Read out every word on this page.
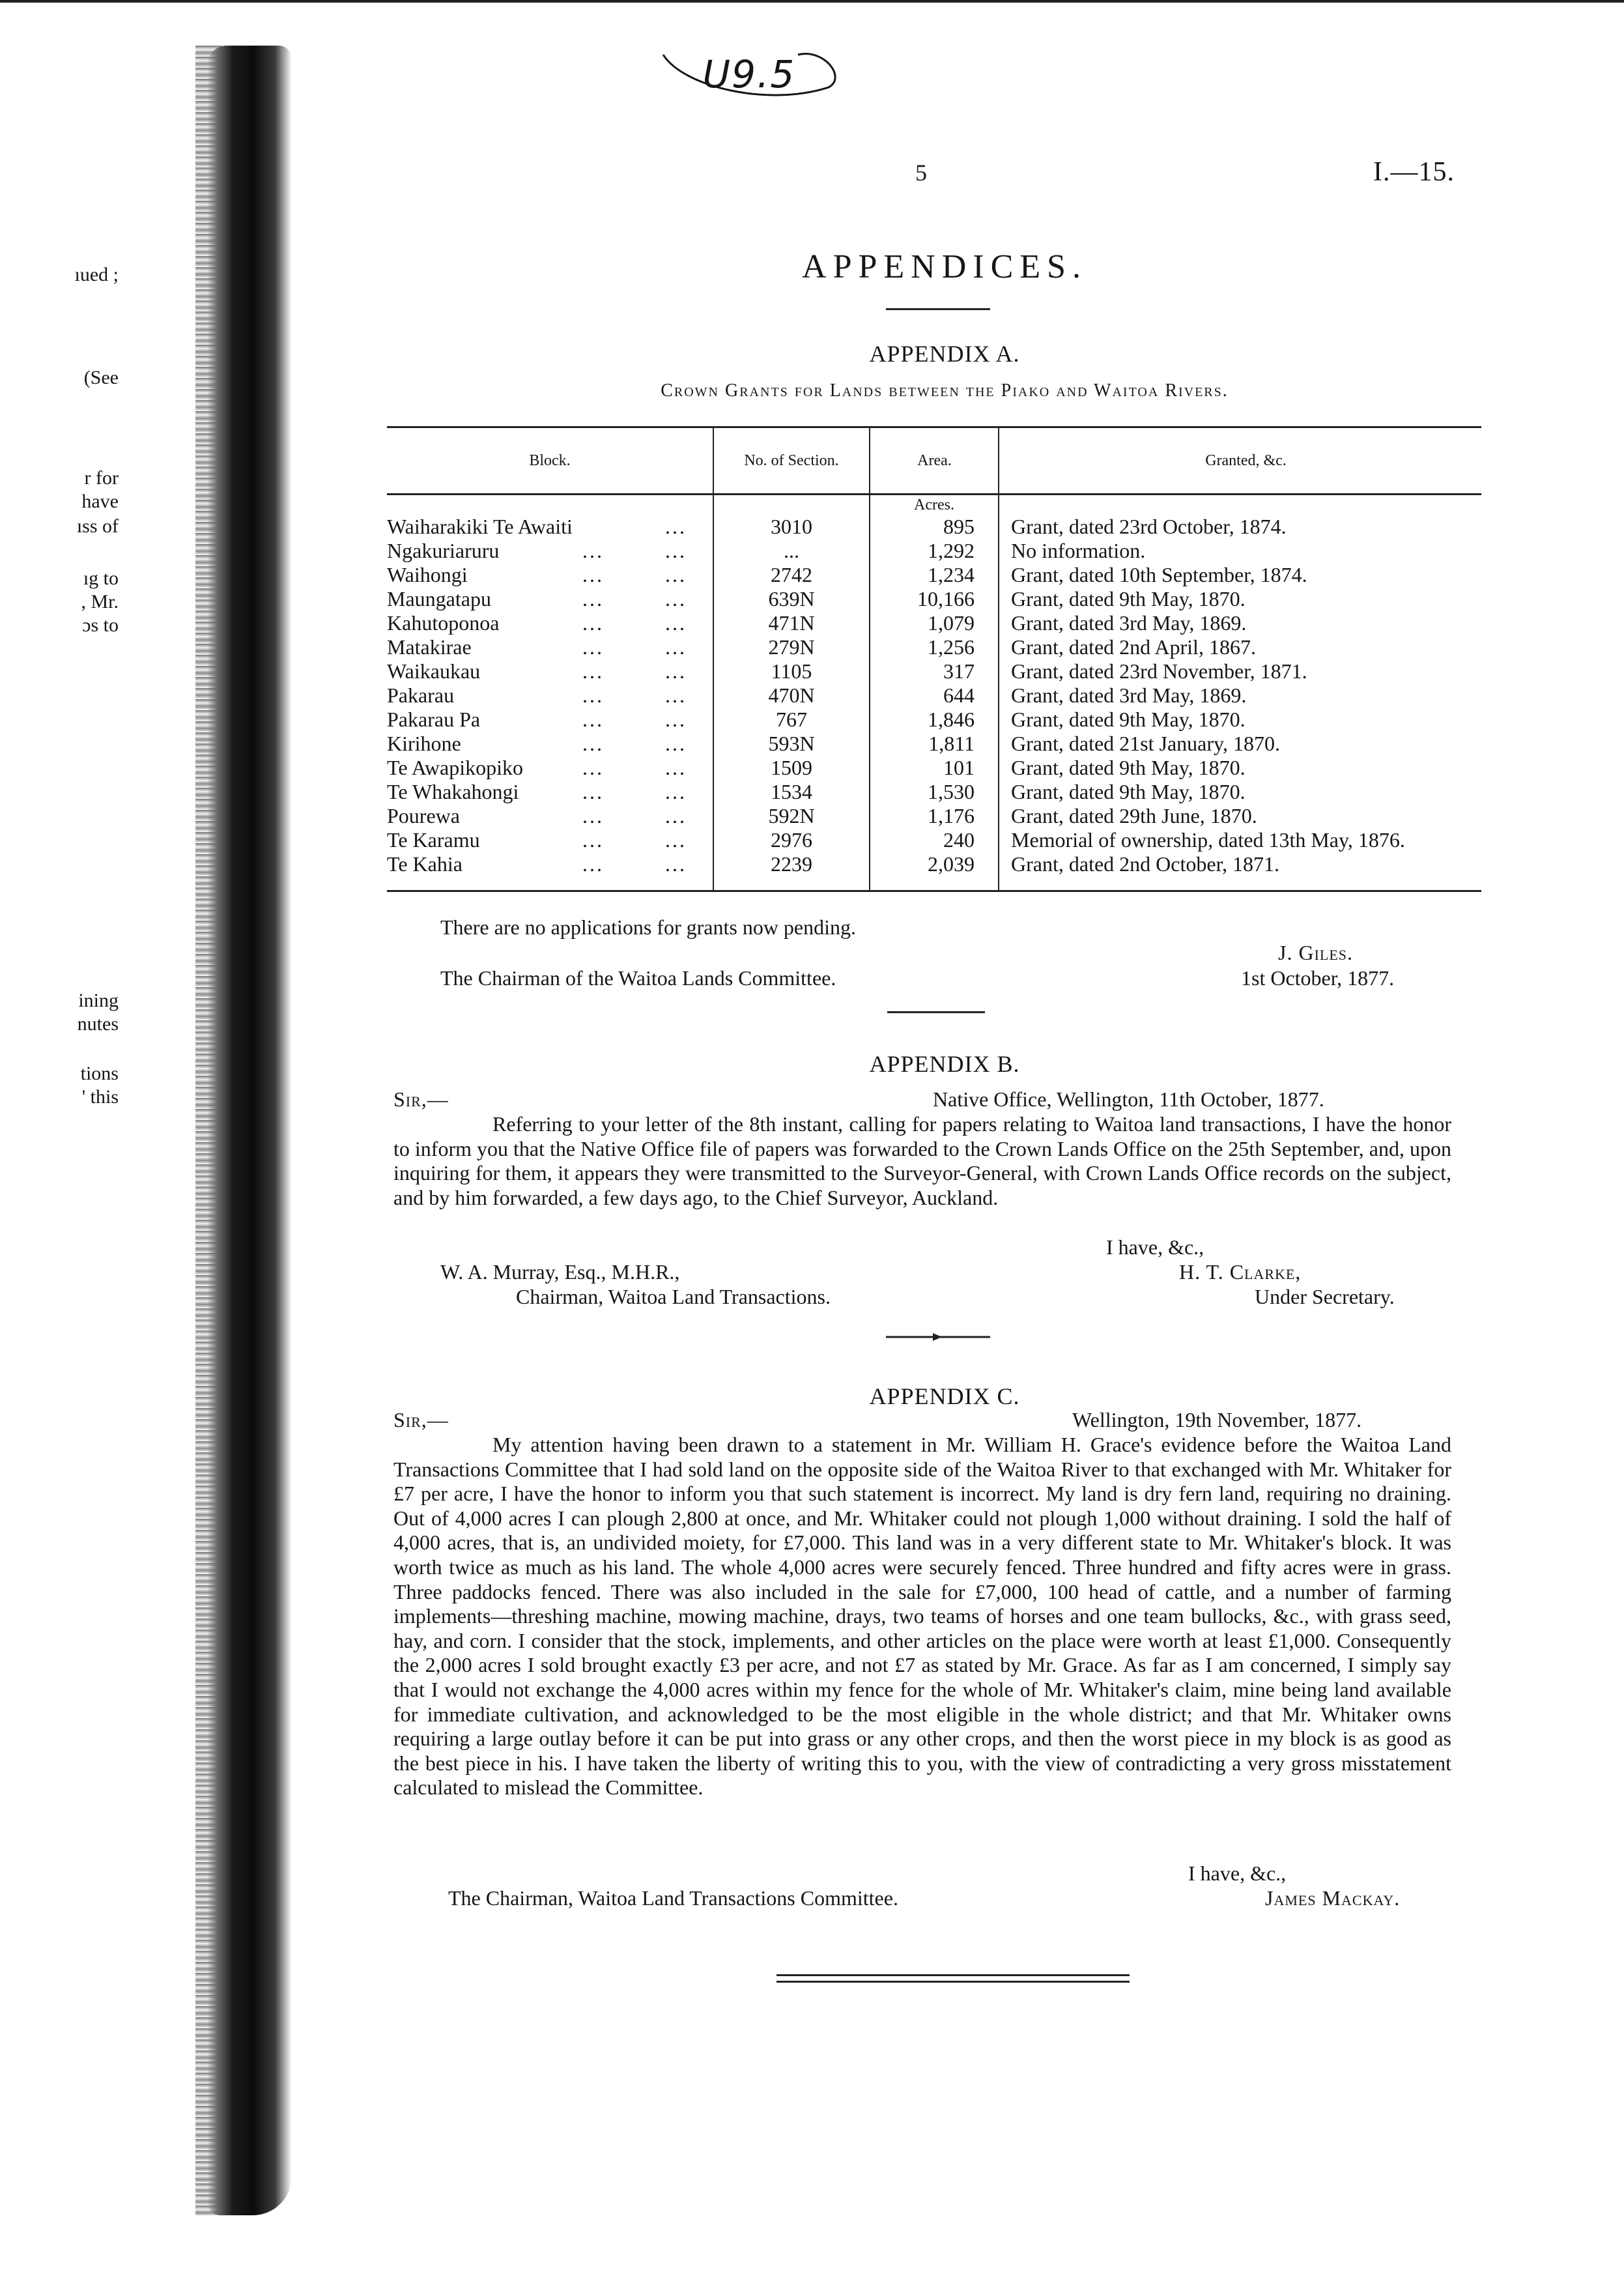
ıued ;
(See
r for
have
ıss of
ıg to
, Mr.
ɔs to
ining
nutes
tions
' this
U9.5
5	I.—15.
APPENDICES.
APPENDIX A.
Crown Grants for Lands between the Piako and Waitoa Rivers.
Block.	No. of Section.	Area.	Granted, &c.
		Acres.	
Waiharakiki Te Awaiti ...	3010	895	Grant, dated 23rd October, 1874.
Ngakuriaruru ... ...	...	1,292	No information.
Waihongi ... ...	2742	1,234	Grant, dated 10th September, 1874.
Maungatapu ... ...	639N	10,166	Grant, dated 9th May, 1870.
Kahutoponoa ... ...	471N	1,079	Grant, dated 3rd May, 1869.
Matakirae ... ...	279N	1,256	Grant, dated 2nd April, 1867.
Waikaukau ... ...	1105	317	Grant, dated 23rd November, 1871.
Pakarau ... ...	470N	644	Grant, dated 3rd May, 1869.
Pakarau Pa ... ...	767	1,846	Grant, dated 9th May, 1870.
Kirihone ... ...	593N	1,811	Grant, dated 21st January, 1870.
Te Awapikopiko ... ...	1509	101	Grant, dated 9th May, 1870.
Te Whakahongi ... ...	1534	1,530	Grant, dated 9th May, 1870.
Pourewa ... ...	592N	1,176	Grant, dated 29th June, 1870.
Te Karamu ... ...	2976	240	Memorial of ownership, dated 13th May, 1876.
Te Kahia ... ...	2239	2,039	Grant, dated 2nd October, 1871.
There are no applications for grants now pending.
J. Giles.
The Chairman of the Waitoa Lands Committee.	1st October, 1877.
APPENDIX B.
Sir,—	Native Office, Wellington, 11th October, 1877.
Referring to your letter of the 8th instant, calling for papers relating to Waitoa land transactions, I have the honor to inform you that the Native Office file of papers was forwarded to the Crown Lands Office on the 25th September, and, upon inquiring for them, it appears they were transmitted to the Surveyor-General, with Crown Lands Office records on the subject, and by him forwarded, a few days ago, to the Chief Surveyor, Auckland.
I have, &c.,
W. A. Murray, Esq., M.H.R.,	H. T. Clarke,
Chairman, Waitoa Land Transactions.	Under Secretary.
APPENDIX C.
Sir,—	Wellington, 19th November, 1877.
My attention having been drawn to a statement in Mr. William H. Grace's evidence before the Waitoa Land Transactions Committee that I had sold land on the opposite side of the Waitoa River to that exchanged with Mr. Whitaker for £7 per acre, I have the honor to inform you that such statement is incorrect. My land is dry fern land, requiring no draining. Out of 4,000 acres I can plough 2,800 at once, and Mr. Whitaker could not plough 1,000 without draining. I sold the half of 4,000 acres, that is, an undivided moiety, for £7,000. This land was in a very different state to Mr. Whitaker's block. It was worth twice as much as his land. The whole 4,000 acres were securely fenced. Three hundred and fifty acres were in grass. Three paddocks fenced. There was also included in the sale for £7,000, 100 head of cattle, and a number of farming implements—threshing machine, mowing machine, drays, two teams of horses and one team bullocks, &c., with grass seed, hay, and corn. I consider that the stock, implements, and other articles on the place were worth at least £1,000. Consequently the 2,000 acres I sold brought exactly £3 per acre, and not £7 as stated by Mr. Grace. As far as I am concerned, I simply say that I would not exchange the 4,000 acres within my fence for the whole of Mr. Whitaker's claim, mine being land available for immediate cultivation, and acknowledged to be the most eligible in the whole district; and that Mr. Whitaker owns requiring a large outlay before it can be put into grass or any other crops, and then the worst piece in my block is as good as the best piece in his. I have taken the liberty of writing this to you, with the view of contradicting a very gross misstatement calculated to mislead the Committee.
I have, &c.,
The Chairman, Waitoa Land Transactions Committee.	James Mackay.
